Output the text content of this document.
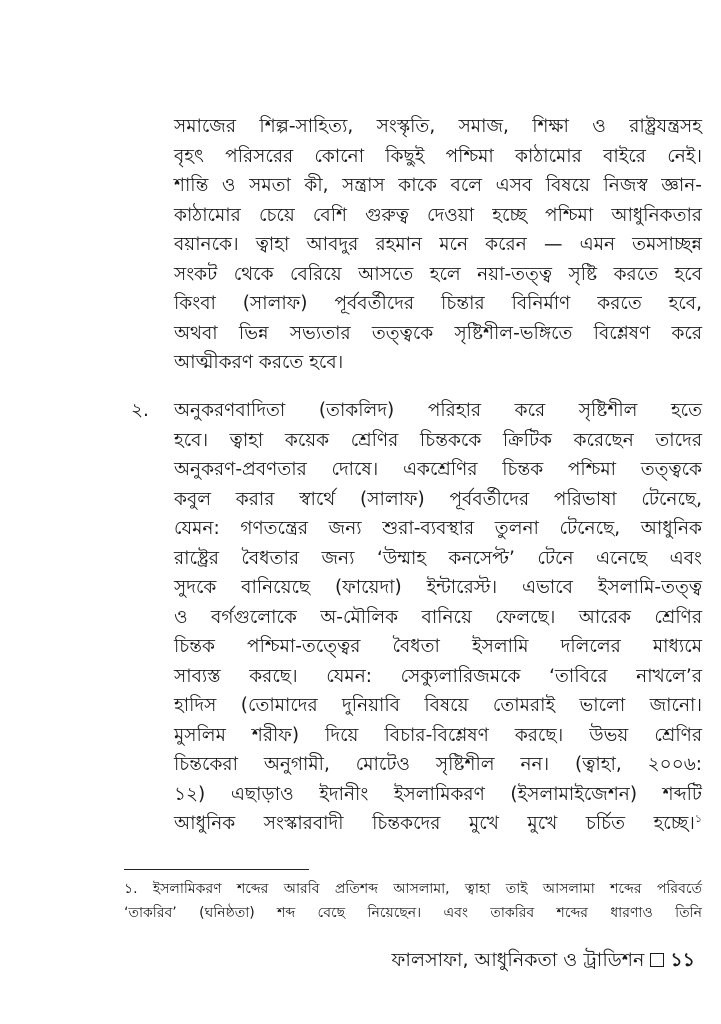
সমাজের শিল্প-সাহিত্য, সংস্কৃতি, সমাজ, শিক্ষা ও রাষ্ট্রযন্ত্রসহ
বৃহৎ পরিসরের কোনো কিছুই পশ্চিমা কাঠামোর বাইরে নেই।
শান্তি ও সমতা কী, সন্ত্রাস কাকে বলে এসব বিষয়ে নিজস্ব জ্ঞান-
কাঠামোর চেয়ে বেশি গুরুত্ব দেওয়া হচ্ছে পশ্চিমা আধুনিকতার
বয়ানকে। ত্বাহা আবদুর রহমান মনে করেন — এমন তমসাচ্ছন্ন
সংকট থেকে বেরিয়ে আসতে হলে নয়া-তত্ত্ব সৃষ্টি করতে হবে
কিংবা (সালাফ) পূর্ববর্তীদের চিন্তার বিনির্মাণ করতে হবে,
অথবা ভিন্ন সভ্যতার তত্ত্বকে সৃষ্টিশীল-ভঙ্গিতে বিশ্লেষণ করে
আত্মীকরণ করতে হবে।
২. অনুকরণবাদিতা (তাকলিদ) পরিহার করে সৃষ্টিশীল হতে
হবে। ত্বাহা কয়েক শ্রেণির চিন্তককে ক্রিটিক করেছেন তাদের
অনুকরণ-প্রবণতার দোষে। একশ্রেণির চিন্তক পশ্চিমা তত্ত্বকে
কবুল করার স্বার্থে (সালাফ) পূর্ববর্তীদের পরিভাষা টেনেছে,
যেমন: গণতন্ত্রের জন্য শুরা-ব্যবস্থার তুলনা টেনেছে, আধুনিক
রাষ্ট্রের বৈধতার জন্য ‘উম্মাহ কনসেপ্ট’ টেনে এনেছে এবং
সুদকে বানিয়েছে (ফায়েদা) ইন্টারেস্ট। এভাবে ইসলামি-তত্ত্ব
ও বর্গগুলোকে অ-মৌলিক বানিয়ে ফেলছে। আরেক শ্রেণির
চিন্তক পশ্চিমা-তত্ত্বের বৈধতা ইসলামি দলিলের মাধ্যমে
সাব্যস্ত করছে। যেমন: সেক্যুলারিজমকে ‘তাবিরে নাখলে’র
হাদিস (তোমাদের দুনিয়াবি বিষয়ে তোমরাই ভালো জানো।
মুসলিম শরীফ) দিয়ে বিচার-বিশ্লেষণ করছে। উভয় শ্রেণির
চিন্তকেরা অনুগামী, মোটেও সৃষ্টিশীল নন। (ত্বাহা, ২০০৬:
১২) এছাড়াও ইদানীং ইসলামিকরণ (ইসলামাইজেশন) শব্দটি
আধুনিক সংস্কারবাদী চিন্তকদের মুখে মুখে চর্চিত হচ্ছে।$^১$
১. ইসলামিকরণ শব্দের আরবি প্রতিশব্দ আসলামা, ত্বাহা তাই আসলামা শব্দের পরিবর্তে
‘তাকরিব’ (ঘনিষ্ঠতা) শব্দ বেছে নিয়েছেন। এবং তাকরিব শব্দের ধারণাও তিনি
ফালসাফা, আধুনিকতা ও ট্রাডিশন ১১
